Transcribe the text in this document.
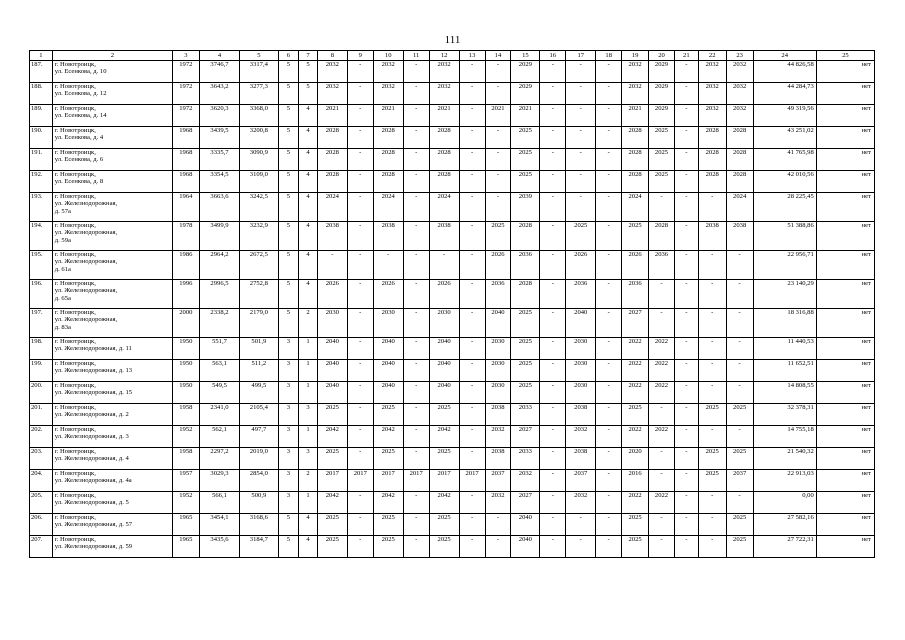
111
1	2	3	4	5	6	7	8	9	10	11	12	13	14	15	16	17	18	19	20	21	22	23	24	25
187.	г. Новотроицк,
ул. Есенкова, д. 10	1972	3746,7	3317,4	5	5	2032	-	2032	-	2032	-	-	2029	-	-	-	2032	2029	-	2032	2032	44 826,58	нет
188.	г. Новотроицк,
ул. Есенкова, д. 12	1972	3643,2	3277,3	5	5	2032	-	2032	-	2032	-	-	2029	-	-	-	2032	2029	-	2032	2032	44 284,73	нет
189.	г. Новотроицк,
ул. Есенкова, д. 14	1972	3620,3	3368,0	5	4	2021	-	2021	-	2021	-	2021	2021	-	-	-	2021	2029	-	2032	2032	49 319,56	нет
190.	г. Новотроицк,
ул. Есенкова, д. 4	1968	3439,5	3200,8	5	4	2028	-	2028	-	2028	-	-	2025	-	-	-	2028	2025	-	2028	2028	43 251,02	нет
191.	г. Новотроицк,
ул. Есенкова, д. 6	1968	3335,7	3090,9	5	4	2028	-	2028	-	2028	-	-	2025	-	-	-	2028	2025	-	2028	2028	41 765,98	нет
192.	г. Новотроицк,
ул. Есенкова, д. 8	1968	3354,5	3109,0	5	4	2028	-	2028	-	2028	-	-	2025	-	-	-	2028	2025	-	2028	2028	42 010,56	нет
193.	г. Новотроицк,
ул. Железнодорожная,
д. 57а	1964	3663,6	3242,5	5	4	2024	-	2024	-	2024	-	-	2039	-	-	-	2024	-	-	-	2024	28 225,45	нет
194.	г. Новотроицк,
ул. Железнодорожная,
д. 59а	1978	3499,9	3232,9	5	4	2038	-	2038	-	2038	-	2025	2028	-	2025	-	2025	2028	-	2038	2038	51 388,86	нет
195.	г. Новотроицк,
ул. Железнодорожная,
д. 61а	1986	2964,2	2672,5	5	4	-	-	-	-	-	-	2026	2036	-	2026	-	2026	2036	-	-	-	22 956,71	нет
196.	г. Новотроицк,
ул. Железнодорожная,
д. 65а	1996	2996,5	2752,8	5	4	2026	-	2026	-	2026	-	2036	2028	-	2036	-	2036	-	-	-	-	23 140,29	нет
197.	г. Новотроицк,
ул. Железнодорожная,
д. 83а	2000	2338,2	2179,0	5	2	2030	-	2030	-	2030	-	2040	2025	-	2040	-	2027	-	-	-	-	18 316,88	нет
198.	г. Новотроицк,
ул. Железнодорожная, д. 11	1950	551,7	501,9	3	1	2040	-	2040	-	2040	-	2030	2025	-	2030	-	2022	2022	-	-	-	11 440,53	нет
199.	г. Новотроицк,
ул. Железнодорожная, д. 13	1950	563,1	511,2	3	1	2040	-	2040	-	2040	-	2030	2025	-	2030	-	2022	2022	-	-	-	11 652,51	нет
200.	г. Новотроицк,
ул. Железнодорожная, д. 15	1950	549,5	499,5	3	1	2040	-	2040	-	2040	-	2030	2025	-	2030	-	2022	2022	-	-	-	14 808,55	нет
201.	г. Новотроицк,
ул. Железнодорожная, д. 2	1958	2341,0	2105,4	3	3	2025	-	2025	-	2025	-	2038	2033	-	2038	-	2025	-	-	2025	2025	32 378,31	нет
202.	г. Новотроицк,
ул. Железнодорожная, д. 3	1952	562,1	497,7	3	1	2042	-	2042	-	2042	-	2032	2027	-	2032	-	2022	2022	-	-	-	14 755,18	нет
203.	г. Новотроицк,
ул. Железнодорожная, д. 4	1958	2297,2	2019,0	3	3	2025	-	2025	-	2025	-	2038	2033	-	2038	-	2020	-	-	2025	2025	21 540,32	нет
204.	г. Новотроицк,
ул. Железнодорожная, д. 4а	1957	3029,3	2854,0	3	2	2017	2017	2017	2017	2017	2017	2037	2032	-	2037	-	2016	-	-	2025	2037	22 913,03	нет
205.	г. Новотроицк,
ул. Железнодорожная, д. 5	1952	566,1	500,9	3	1	2042	-	2042	-	2042	-	2032	2027	-	2032	-	2022	2022	-	-	-	0,00	нет
206.	г. Новотроицк,
ул. Железнодорожная, д. 57	1965	3454,1	3168,6	5	4	2025	-	2025	-	2025	-	-	2040	-	-	-	2025	-	-	-	2025	27 582,16	нет
207.	г. Новотроицк,
ул. Железнодорожная, д. 59	1965	3435,6	3184,7	5	4	2025	-	2025	-	2025	-	-	2040	-	-	-	2025	-	-	-	2025	27 722,31	нет
